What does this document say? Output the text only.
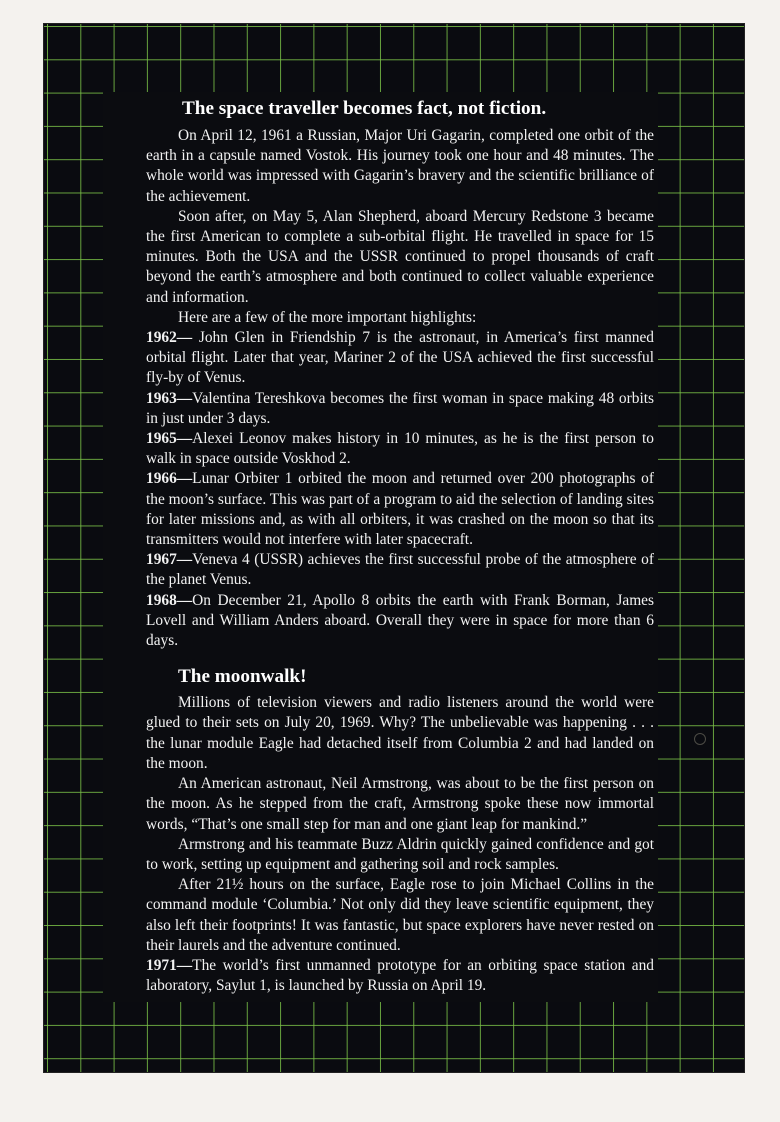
The space traveller becomes fact, not fiction.

On April 12, 1961 a Russian, Major Uri Gagarin, completed one orbit of the earth in a capsule named Vostok. His journey took one hour and 48 minutes. The whole world was impressed with Gagarin’s bravery and the scientific brilliance of the achievement.

Soon after, on May 5, Alan Shepherd, aboard Mercury Redstone 3 became the first American to complete a sub-orbital flight. He travelled in space for 15 minutes. Both the USA and the USSR continued to propel thousands of craft beyond the earth’s atmosphere and both continued to collect valuable experience and information.

Here are a few of the more important highlights:

1962— John Glen in Friendship 7 is the astronaut, in America’s first manned orbital flight. Later that year, Mariner 2 of the USA achieved the first successful fly-by of Venus.

1963—Valentina Tereshkova becomes the first woman in space making 48 orbits in just under 3 days.

1965—Alexei Leonov makes history in 10 minutes, as he is the first person to walk in space outside Voskhod 2.

1966—Lunar Orbiter 1 orbited the moon and returned over 200 photographs of the moon’s surface. This was part of a program to aid the selection of landing sites for later missions and, as with all orbiters, it was crashed on the moon so that its transmitters would not interfere with later spacecraft.

1967—Veneva 4 (USSR) achieves the first successful probe of the atmosphere of the planet Venus.

1968—On December 21, Apollo 8 orbits the earth with Frank Borman, James Lovell and William Anders aboard. Overall they were in space for more than 6 days.

The moonwalk!

Millions of television viewers and radio listeners around the world were glued to their sets on July 20, 1969. Why? The unbelievable was happening . . . the lunar module Eagle had detached itself from Columbia 2 and had landed on the moon.

An American astronaut, Neil Armstrong, was about to be the first person on the moon. As he stepped from the craft, Armstrong spoke these now immortal words, “That’s one small step for man and one giant leap for mankind.”

Armstrong and his teammate Buzz Aldrin quickly gained confidence and got to work, setting up equipment and gathering soil and rock samples.

After 21½ hours on the surface, Eagle rose to join Michael Collins in the command module ‘Columbia.’ Not only did they leave scientific equipment, they also left their footprints! It was fantastic, but space explorers have never rested on their laurels and the adventure continued.

1971—The world’s first unmanned prototype for an orbiting space station and laboratory, Saylut 1, is launched by Russia on April 19.
